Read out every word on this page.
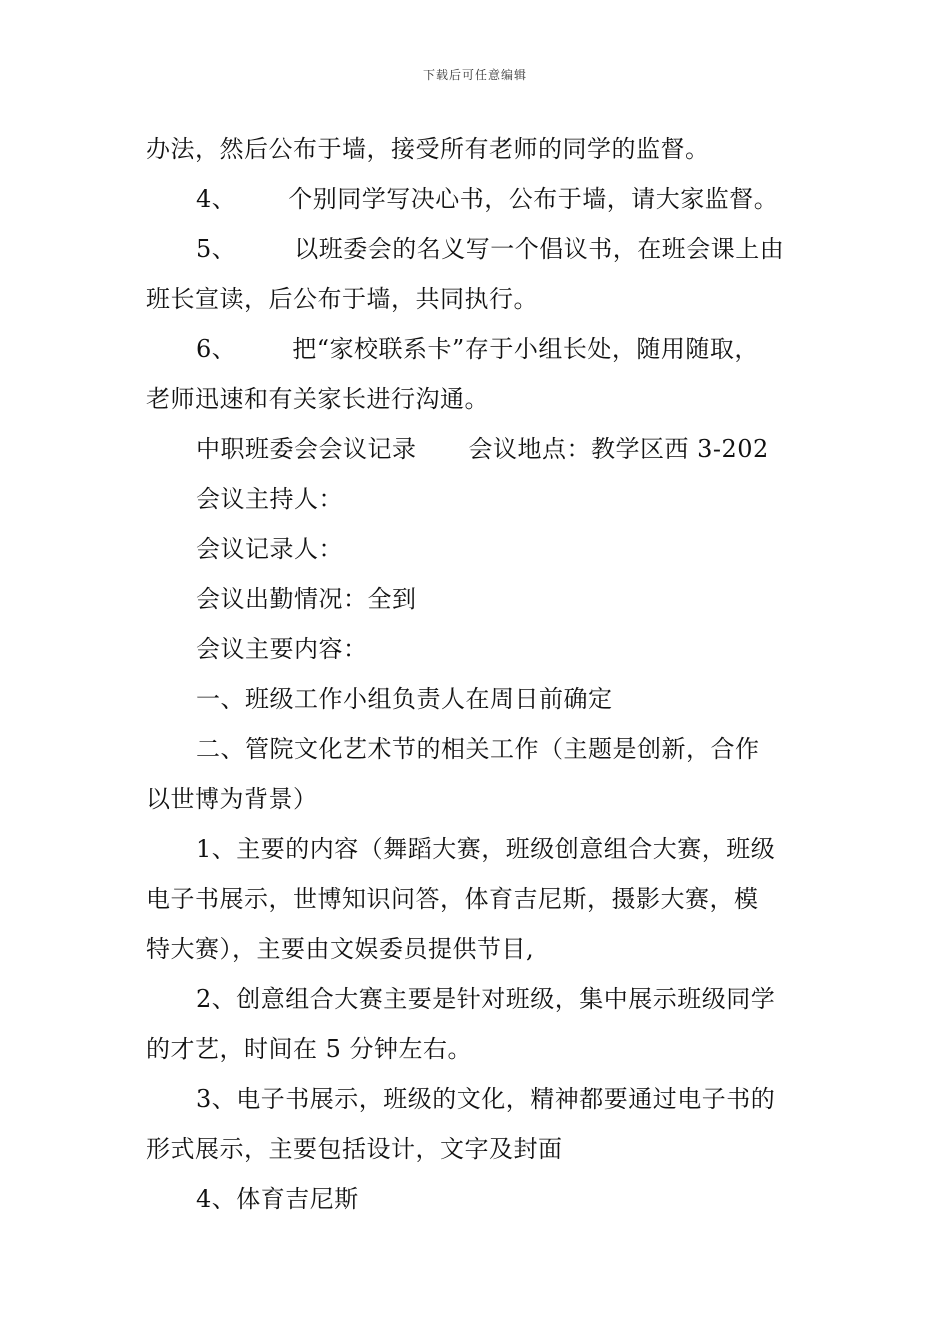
下载后可任意编辑
办法，然后公布于墙，接受所有老师的同学的监督。
4、 个别同学写决心书，公布于墙，请大家监督。
5、 以班委会的名义写一个倡议书，在班会课上由
班长宣读，后公布于墙，共同执行。
6、 把“家校联系卡”存于小组长处，随用随取，
老师迅速和有关家长进行沟通。
中职班委会会议记录 会议地点：教学区西 3-202
会议主持人：
会议记录人：
会议出勤情况：全到
会议主要内容：
一、班级工作小组负责人在周日前确定
二、管院文化艺术节的相关工作（主题是创新，合作
以世博为背景）
1、主要的内容（舞蹈大赛，班级创意组合大赛，班级
电子书展示，世博知识问答，体育吉尼斯，摄影大赛，模
特大赛），主要由文娱委员提供节目,
2、创意组合大赛主要是针对班级，集中展示班级同学
的才艺，时间在 5 分钟左右。
3、电子书展示，班级的文化，精神都要通过电子书的
形式展示，主要包括设计，文字及封面
4、体育吉尼斯
